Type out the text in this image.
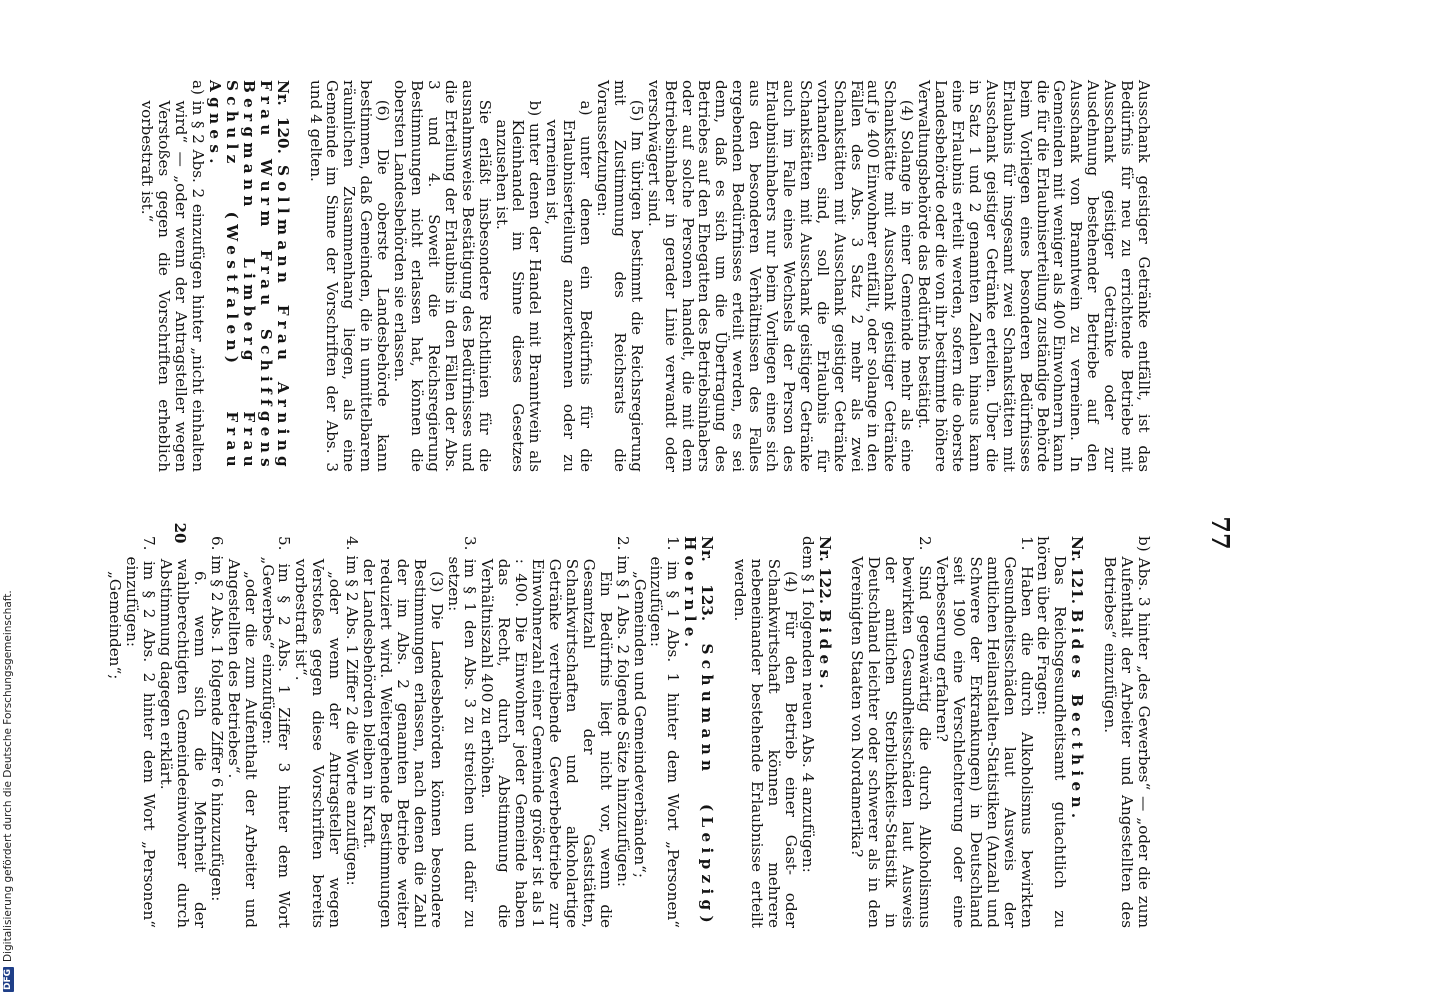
77

Ausschank geistiger Getränke entfällt, ist das Bedürfnis für neu zu errichtende Betriebe mit Ausschank geistiger Getränke oder zur Ausdehnung bestehender Betriebe auf den Ausschank von Branntwein zu verneinen. In Gemeinden mit weniger als 400 Einwohnern kann die für die Erlaubniserteilung zuständige Behörde beim Vorliegen eines besonderen Bedürfnisses Erlaubnis für insgesamt zwei Schankstätten mit Ausschank geistiger Getränke erteilen. Über die in Satz 1 und 2 genannten Zahlen hinaus kann eine Erlaubnis erteilt werden, sofern die oberste Landesbehörde oder die von ihr bestimmte höhere Verwaltungsbehörde das Bedürfnis bestätigt.

(4) Solange in einer Gemeinde mehr als eine Schankstätte mit Ausschank geistiger Getränke auf je 400 Einwohner entfällt, oder solange in den Fällen des Abs. 3 Satz 2 mehr als zwei Schankstätten mit Ausschank geistiger Getränke vorhanden sind, soll die Erlaubnis für Schankstätten mit Ausschank geistiger Getränke auch im Falle eines Wechsels der Person des Erlaubnisinhabers nur beim Vorliegen eines sich aus den besonderen Verhältnissen des Falles ergebenden Bedürfnisses erteilt werden, es sei denn, daß es sich um die Übertragung des Betriebes auf den Ehegatten des Betriebsinhabers oder auf solche Personen handelt, die mit dem Betriebsinhaber in gerader Linie verwandt oder verschwägert sind.

(5) Im übrigen bestimmt die Reichsregierung mit Zustimmung des Reichsrats die Voraussetzungen:

a) unter denen ein Bedürfnis für die Erlaubniserteilung anzuerkennen oder zu verneinen ist,

b) unter denen der Handel mit Branntwein als Kleinhandel im Sinne dieses Gesetzes anzusehen ist.

Sie erläßt insbesondere Richtlinien für die ausnahmsweise Bestätigung des Bedürfnisses und die Erteilung der Erlaubnis in den Fällen der Abs. 3 und 4. Soweit die Reichsregierung Bestimmungen nicht erlassen hat, können die obersten Landesbehörden sie erlassen.

(6) Die oberste Landesbehörde kann bestimmen, daß Gemeinden, die in unmittelbarem räumlichen Zusammenhang liegen, als eine Gemeinde im Sinne der Vorschriften der Abs. 3 und 4 gelten.

Nr. 120. Sollmann Frau Arning Frau Wurm Frau Schiffgens Bergmann Limberg Frau Schulz (Westfalen) Frau Agnes.

a) in § 2 Abs. 2 einzufügen hinter „nicht einhalten wird“ — „oder wenn der Antragsteller wegen Verstoßes gegen die Vorschriften erheblich vorbestraft ist.“

b) Abs. 3 hinter „des Gewerbes“ — „oder die zum Aufenthalt der Arbeiter und Angestellten des Betriebes“ einzufügen.

Nr. 121. Bides Becthien.

Das Reichsgesundheitsamt gutachtlich zu hören über die Fragen:

1. Haben die durch Alkoholismus bewirkten Gesundheitsschäden laut Ausweis der amtlichen Heilanstalten-Statistiken (Anzahl und Schwere der Erkrankungen) in Deutschland seit 1900 eine Verschlechterung oder eine Verbesserung erfahren?

2. Sind gegenwärtig die durch Alkoholismus bewirkten Gesundheitsschäden laut Ausweis der amtlichen Sterblichkeits-Statistik in Deutschland leichter oder schwerer als in den Vereinigten Staaten von Nordamerika?

Nr. 122. Bides.

dem § 1 folgenden neuen Abs. 4 anzufügen:

(4) Für den Betrieb einer Gast- oder Schankwirtschaft können mehrere nebeneinander bestehende Erlaubnisse erteilt werden.

Nr. 123. Schumann (Leipzig) Hoernle.

1. im § 1 Abs. 1 hinter dem Wort „Personen“ einzufügen:

„Gemeinden und Gemeindeverbänden“;

2. im § 1 Abs. 2 folgende Sätze hinzuzufügen:

Ein Bedürfnis liegt nicht vor, wenn die Gesamtzahl der Gaststätten, Schankwirtschaften und alkoholartige Getränke vertreibende Gewerbebetriebe zur Einwohnerzahl einer Gemeinde größer ist als 1 : 400. Die Einwohner jeder Gemeinde haben das Recht, durch Abstimmung die Verhältniszahl 400 zu erhöhen.

3. im § 1 den Abs. 3 zu streichen und dafür zu setzen:

(3) Die Landesbehörden können besondere Bestimmungen erlassen, nach denen die Zahl der im Abs. 2 genannten Betriebe weiter reduziert wird. Weitergehende Bestimmungen der Landesbehörden bleiben in Kraft.

4. im § 2 Abs. 1 Ziffer 2 die Worte anzufügen:

„oder wenn der Antragsteller wegen Verstoßes gegen diese Vorschriften bereits vorbestraft ist“.

5. im § 2 Abs. 1 Ziffer 3 hinter dem Wort „Gewerbes“ einzufügen:

„oder die zum Aufenthalt der Arbeiter und Angestellten des Betriebes“.

6. im § 2 Abs. 1 folgende Ziffer 6 hinzuzufügen:

6. wenn sich die Mehrheit der wahlberechtigten Gemeindeeinwohner durch Abstimmung dagegen erklärt.

7. im § 2 Abs. 2 hinter dem Wort „Personen“ einzufügen:

„Gemeinden“;

20
DFGDigitalisierung gefördert durch die Deutsche Forschungsgemeinschaft.
